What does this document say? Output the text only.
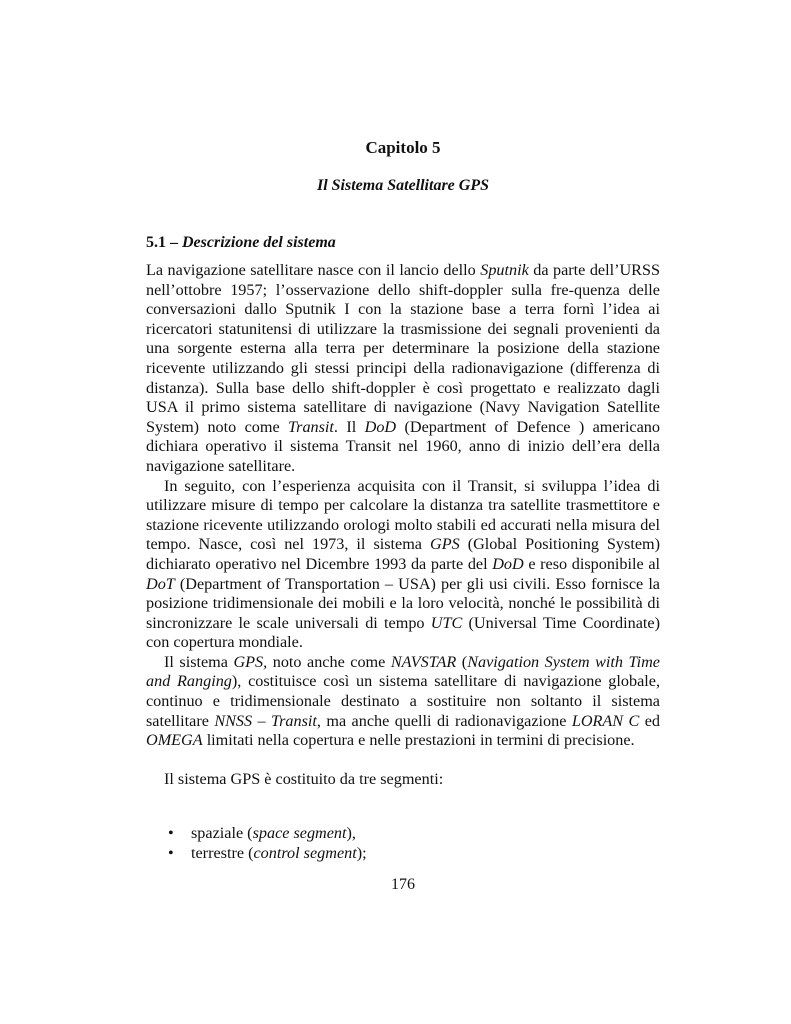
Capitolo 5
Il Sistema Satellitare GPS
5.1 – Descrizione del sistema

La navigazione satellitare nasce con il lancio dello Sputnik da parte dell’URSS nell’ottobre 1957; l’osservazione dello shift-doppler sulla fre-quenza delle conversazioni dallo Sputnik I con la stazione base a terra fornì l’idea ai ricercatori statunitensi di utilizzare la trasmissione dei segnali provenienti da una sorgente esterna alla terra per determinare la posizione della stazione ricevente utilizzando gli stessi principi della radionavigazione (differenza di distanza). Sulla base dello shift-doppler è così progettato e realizzato dagli USA il primo sistema satellitare di navigazione (Navy Navigation Satellite System) noto come Transit. Il DoD (Department of Defence ) americano dichiara operativo il sistema Transit nel 1960, anno di inizio dell’era della navigazione satellitare.

In seguito, con l’esperienza acquisita con il Transit, si sviluppa l’idea di utilizzare misure di tempo per calcolare la distanza tra satellite trasmettitore e stazione ricevente utilizzando orologi molto stabili ed accurati nella misura del tempo. Nasce, così nel 1973, il sistema GPS (Global Positioning System) dichiarato operativo nel Dicembre 1993 da parte del DoD e reso disponibile al DoT (Department of Transportation – USA) per gli usi civili. Esso fornisce la posizione tridimensionale dei mobili e la loro velocità, nonché le possibilità di sincronizzare le scale universali di tempo UTC (Universal Time Coordinate) con copertura mondiale.

Il sistema GPS, noto anche come NAVSTAR (Navigation System with Time and Ranging), costituisce così un sistema satellitare di navigazione globale, continuo e tridimensionale destinato a sostituire non soltanto il sistema satellitare NNSS – Transit, ma anche quelli di radionavigazione LORAN C ed OMEGA limitati nella copertura e nelle prestazioni in termini di precisione.

Il sistema GPS è costituito da tre segmenti:

• spaziale (space segment),
• terrestre (control segment);
176
